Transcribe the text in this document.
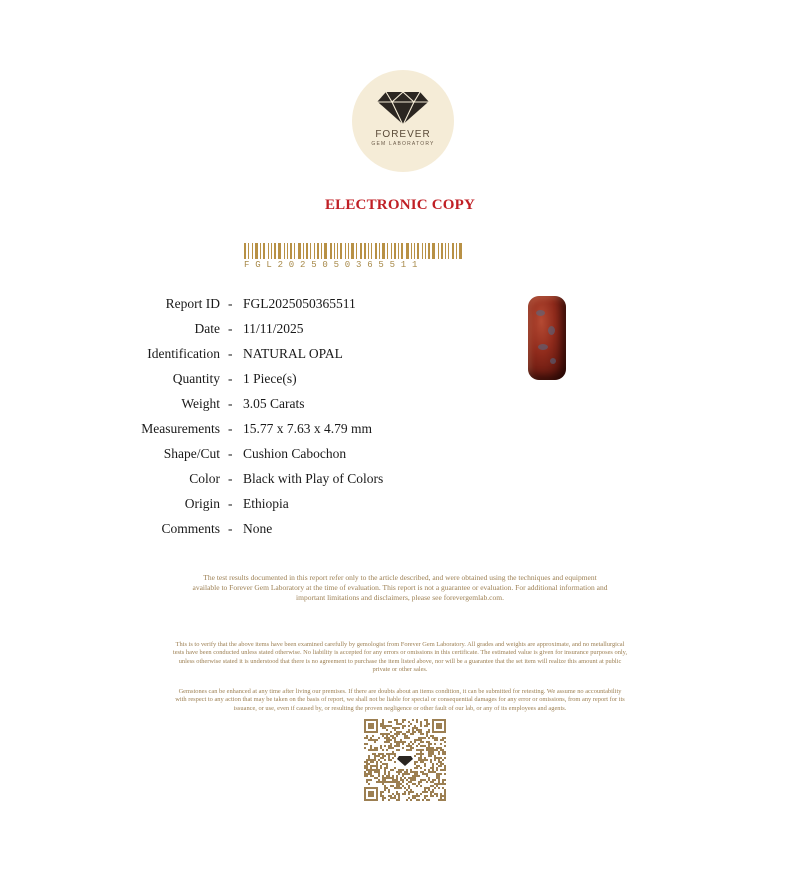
FOREVER
GEM LABORATORY
ELECTRONIC COPY
FGL2025050365511
Report ID - FGL2025050365511
Date - 11/11/2025
Identification - NATURAL OPAL
Quantity - 1 Piece(s)
Weight - 3.05 Carats
Measurements - 15.77 x 7.63 x 4.79 mm
Shape/Cut - Cushion Cabochon
Color - Black with Play of Colors
Origin - Ethiopia
Comments - None
The test results documented in this report refer only to the article described, and were obtained using the techniques and equipment
available to Forever Gem Laboratory at the time of evaluation. This report is not a guarantee or evaluation. For additional information and
important limitations and disclaimers, please see forevergemlab.com.
This is to verify that the above items have been examined carefully by gemologist from Forever Gem Laboratory. All grades and weights are approximate, and no metallurgical
tests have been conducted unless stated otherwise. No liability is accepted for any errors or omissions in this certificate. The estimated value is given for insurance purposes only,
unless otherwise stated it is understood that there is no agreement to purchase the item listed above, nor will be a guarantee that the set item will realize this amount at public
private or other sales.
Gemstones can be enhanced at any time after living our premises. If there are doubts about an items condition, it can be submitted for retesting. We assume no accountability
with respect to any action that may be taken on the basis of report, we shall not be liable for special or consequential damages for any error or omissions, from any report for its
issuance, or use, even if caused by, or resulting the proven negligence or other fault of our lab, or any of its employees and agents.
